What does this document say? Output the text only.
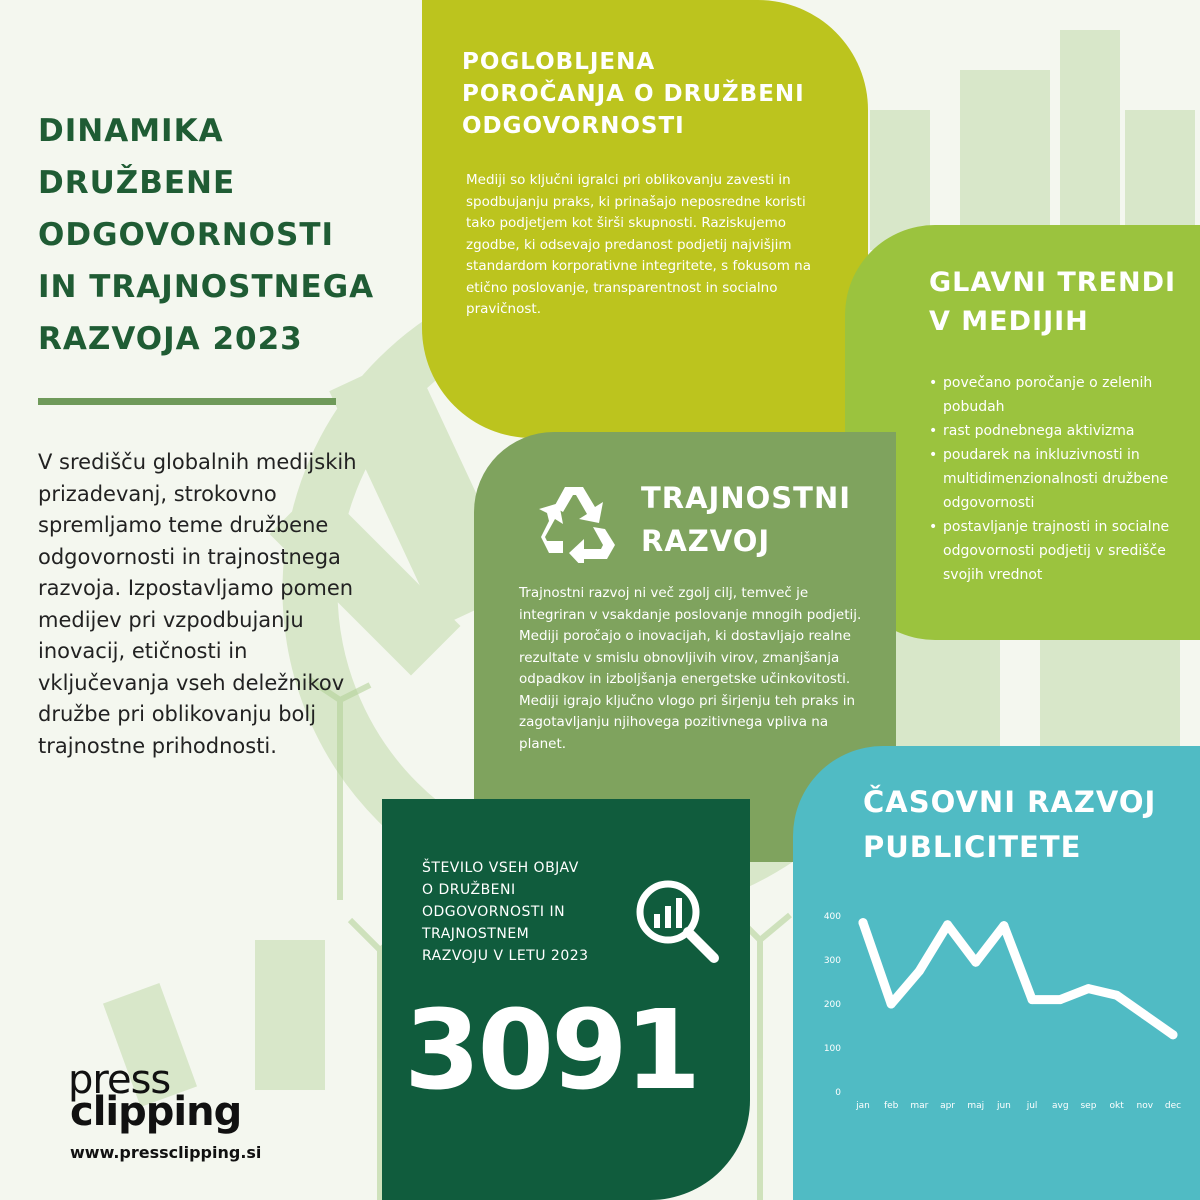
DINAMIKA
DRUŽBENE
ODGOVORNOSTI
IN TRAJNOSTNEGA
RAZVOJA 2023

V središču globalnih medijskih prizadevanj, strokovno spremljamo teme družbene odgovornosti in trajnostnega razvoja. Izpostavljamo pomen medijev pri vzpodbujanju inovacij, etičnosti in vključevanja vseh deležnikov družbe pri oblikovanju bolj trajnostne prihodnosti.

press
clipping
www.pressclipping.si
POGLOBLJENA
POROČANJA O DRUŽBENI
ODGOVORNOSTI

Mediji so ključni igralci pri oblikovanju zavesti in spodbujanju praks, ki prinašajo neposredne koristi tako podjetjem kot širši skupnosti. Raziskujemo zgodbe, ki odsevajo predanost podjetij najvišjim standardom korporativne integritete, s fokusom na etično poslovanje, transparentnost in socialno pravičnost.

GLAVNI TRENDI
V MEDIJIH
• povečano poročanje o zelenih pobudah
• rast podnebnega aktivizma
• poudarek na inkluzivnosti in multidimenzionalnosti družbene odgovornosti
• postavljanje trajnosti in socialne odgovornosti podjetij v središče svojih vrednot
TRAJNOSTNI
RAZVOJ

Trajnostni razvoj ni več zgolj cilj, temveč je integriran v vsakdanje poslovanje mnogih podjetij. Mediji poročajo o inovacijah, ki dostavljajo realne rezultate v smislu obnovljivih virov, zmanjšanja odpadkov in izboljšanja energetske učinkovitosti. Mediji igrajo ključno vlogo pri širjenju teh praks in zagotavljanju njihovega pozitivnega vpliva na planet.

ŠTEVILO VSEH OBJAV
O DRUŽBENI
ODGOVORNOSTI IN
TRAJNOSTNEM
RAZVOJU V LETU 2023

3091

ČASOVNI RAZVOJ
PUBLICITETE
0
100
200
300
400
jan feb mar apr maj jun jul avg sep okt nov dec
